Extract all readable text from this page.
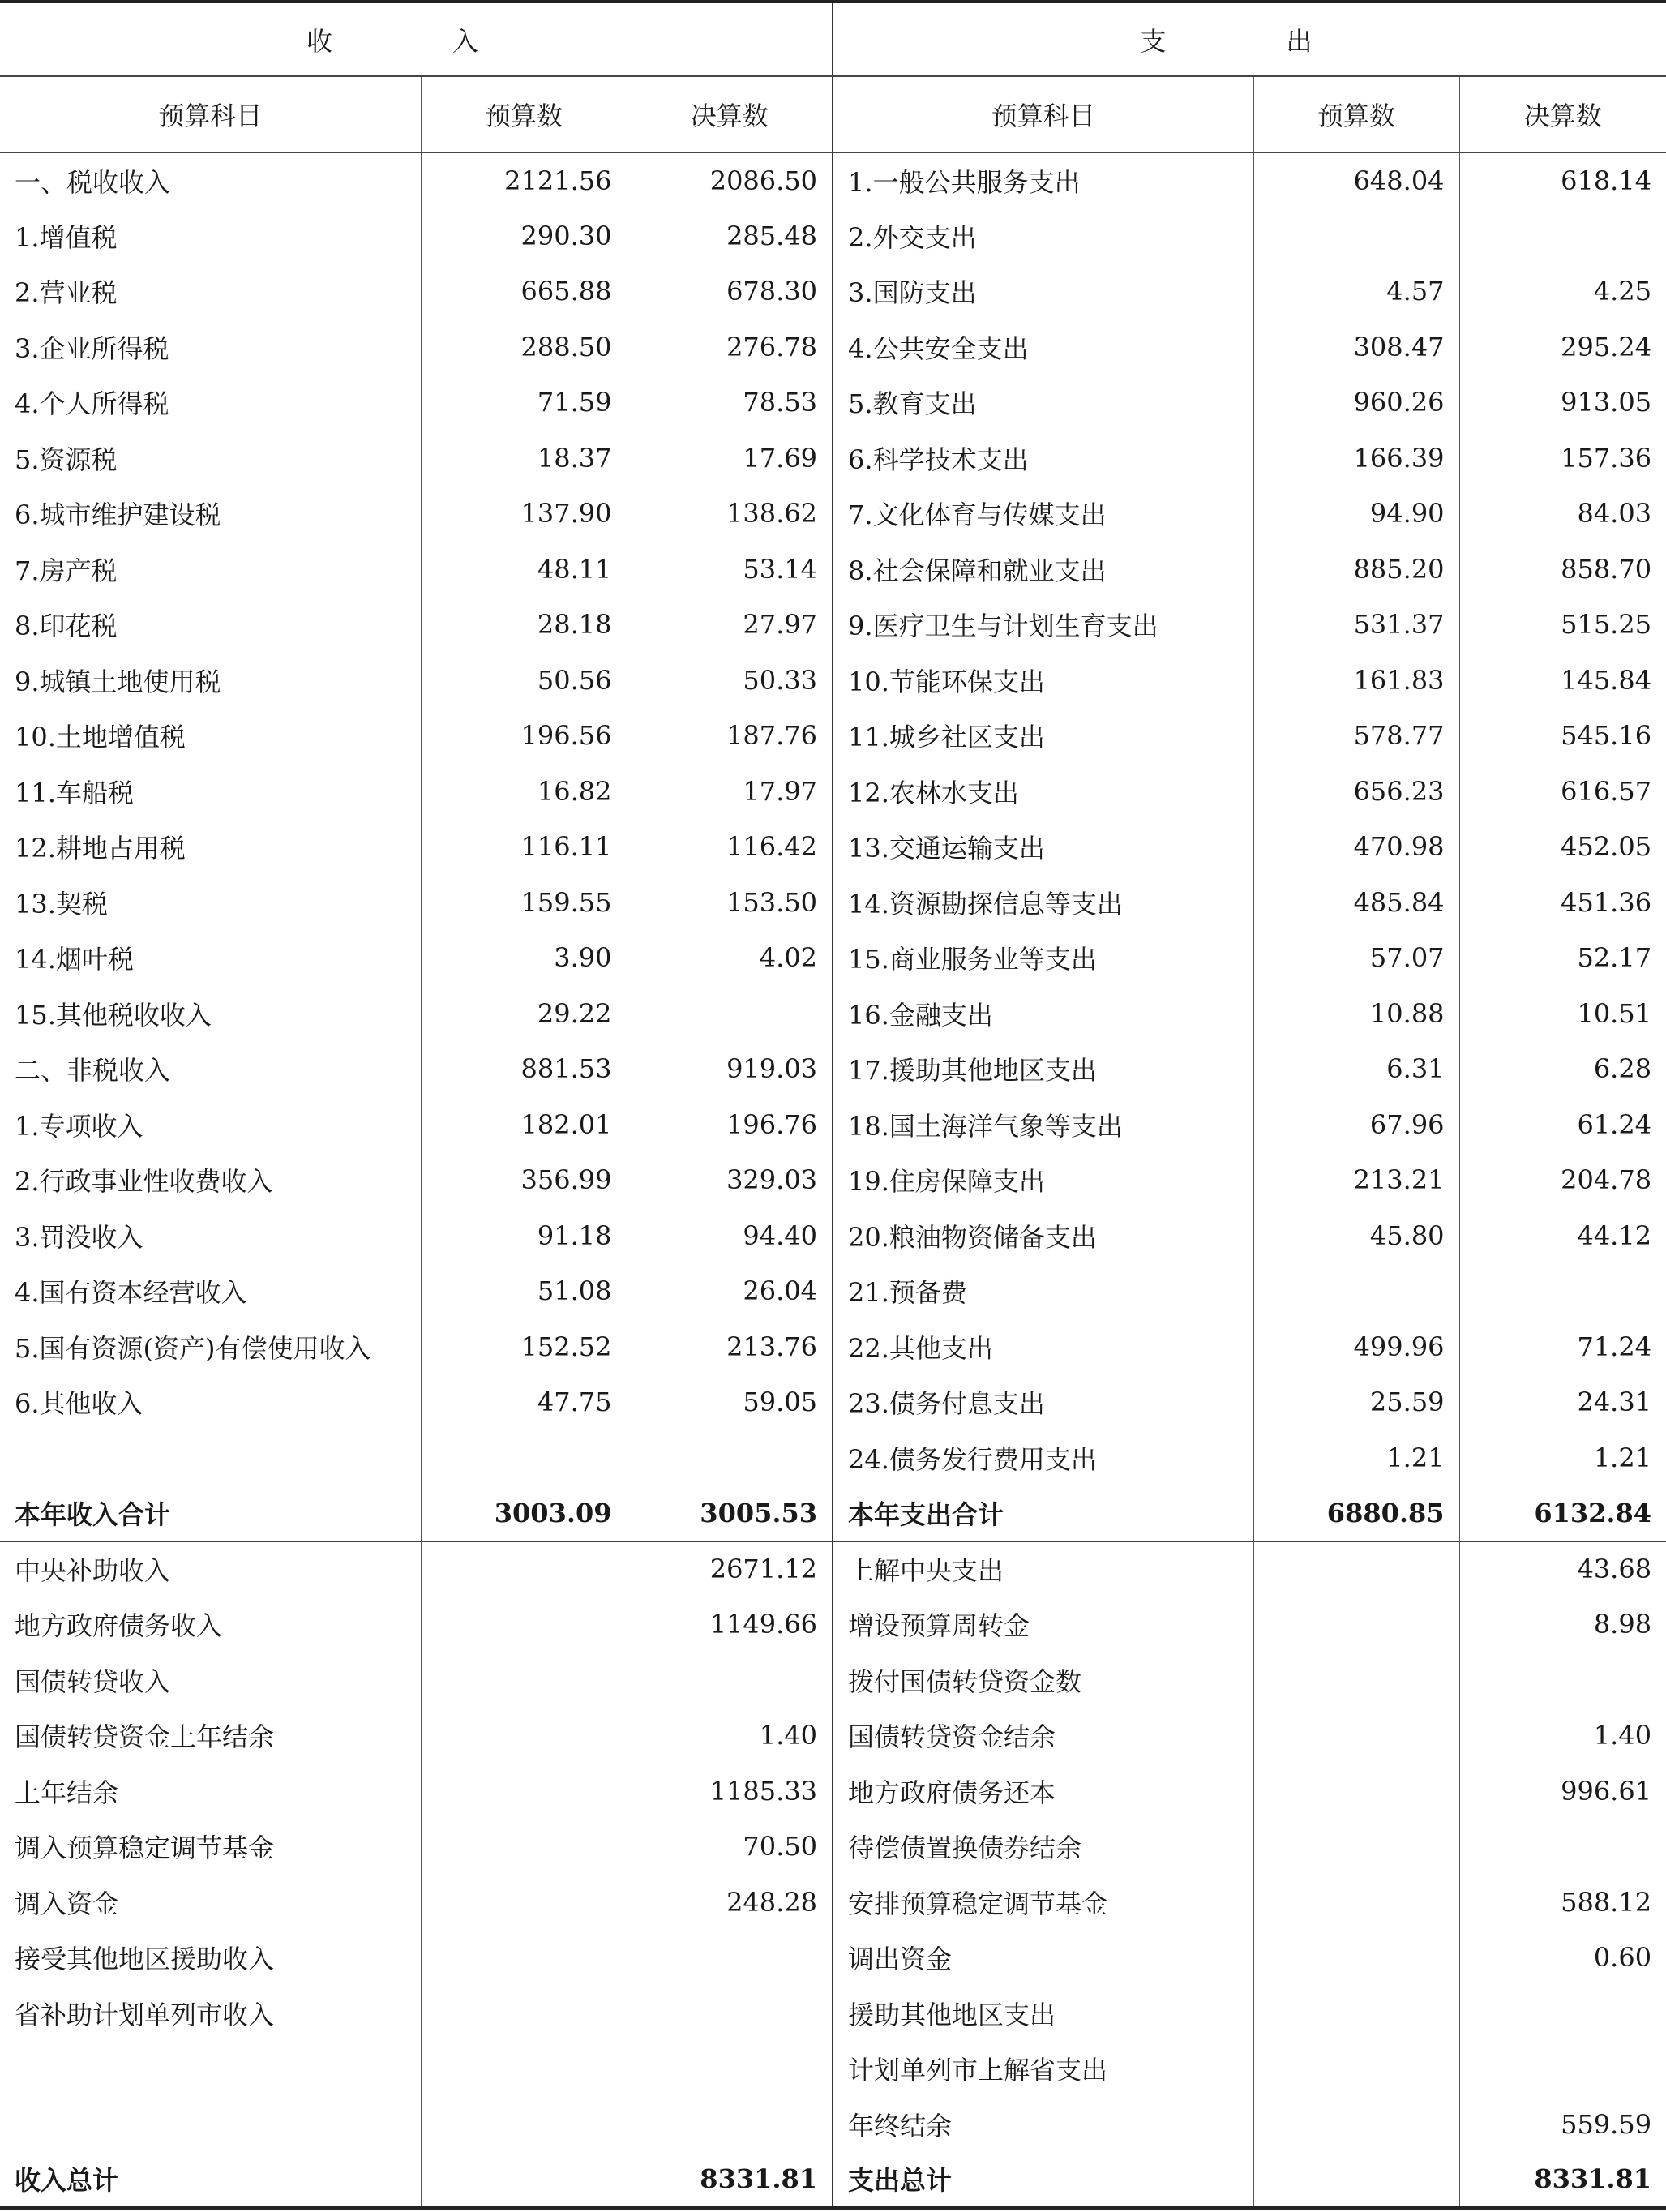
收　入			支　出		
预算科目	预算数	决算数	预算科目	预算数	决算数
一、税收收入	2121.56	2086.50	1.一般公共服务支出	648.04	618.14
1.增值税	290.30	285.48	2.外交支出		
2.营业税	665.88	678.30	3.国防支出	4.57	4.25
3.企业所得税	288.50	276.78	4.公共安全支出	308.47	295.24
4.个人所得税	71.59	78.53	5.教育支出	960.26	913.05
5.资源税	18.37	17.69	6.科学技术支出	166.39	157.36
6.城市维护建设税	137.90	138.62	7.文化体育与传媒支出	94.90	84.03
7.房产税	48.11	53.14	8.社会保障和就业支出	885.20	858.70
8.印花税	28.18	27.97	9.医疗卫生与计划生育支出	531.37	515.25
9.城镇土地使用税	50.56	50.33	10.节能环保支出	161.83	145.84
10.土地增值税	196.56	187.76	11.城乡社区支出	578.77	545.16
11.车船税	16.82	17.97	12.农林水支出	656.23	616.57
12.耕地占用税	116.11	116.42	13.交通运输支出	470.98	452.05
13.契税	159.55	153.50	14.资源勘探信息等支出	485.84	451.36
14.烟叶税	3.90	4.02	15.商业服务业等支出	57.07	52.17
15.其他税收收入	29.22		16.金融支出	10.88	10.51
二、非税收入	881.53	919.03	17.援助其他地区支出	6.31	6.28
1.专项收入	182.01	196.76	18.国土海洋气象等支出	67.96	61.24
2.行政事业性收费收入	356.99	329.03	19.住房保障支出	213.21	204.78
3.罚没收入	91.18	94.40	20.粮油物资储备支出	45.80	44.12
4.国有资本经营收入	51.08	26.04	21.预备费		
5.国有资源(资产)有偿使用收入	152.52	213.76	22.其他支出	499.96	71.24
6.其他收入	47.75	59.05	23.债务付息支出	25.59	24.31
			24.债务发行费用支出	1.21	1.21
本年收入合计	3003.09	3005.53	本年支出合计	6880.85	6132.84
中央补助收入		2671.12	上解中央支出		43.68
地方政府债务收入		1149.66	增设预算周转金		8.98
国债转贷收入			拨付国债转贷资金数		
国债转贷资金上年结余		1.40	国债转贷资金结余		1.40
上年结余		1185.33	地方政府债务还本		996.61
调入预算稳定调节基金		70.50	待偿债置换债券结余		
调入资金		248.28	安排预算稳定调节基金		588.12
接受其他地区援助收入			调出资金		0.60
省补助计划单列市收入			援助其他地区支出		
			计划单列市上解省支出		
			年终结余		559.59
收入总计		8331.81	支出总计		8331.81
